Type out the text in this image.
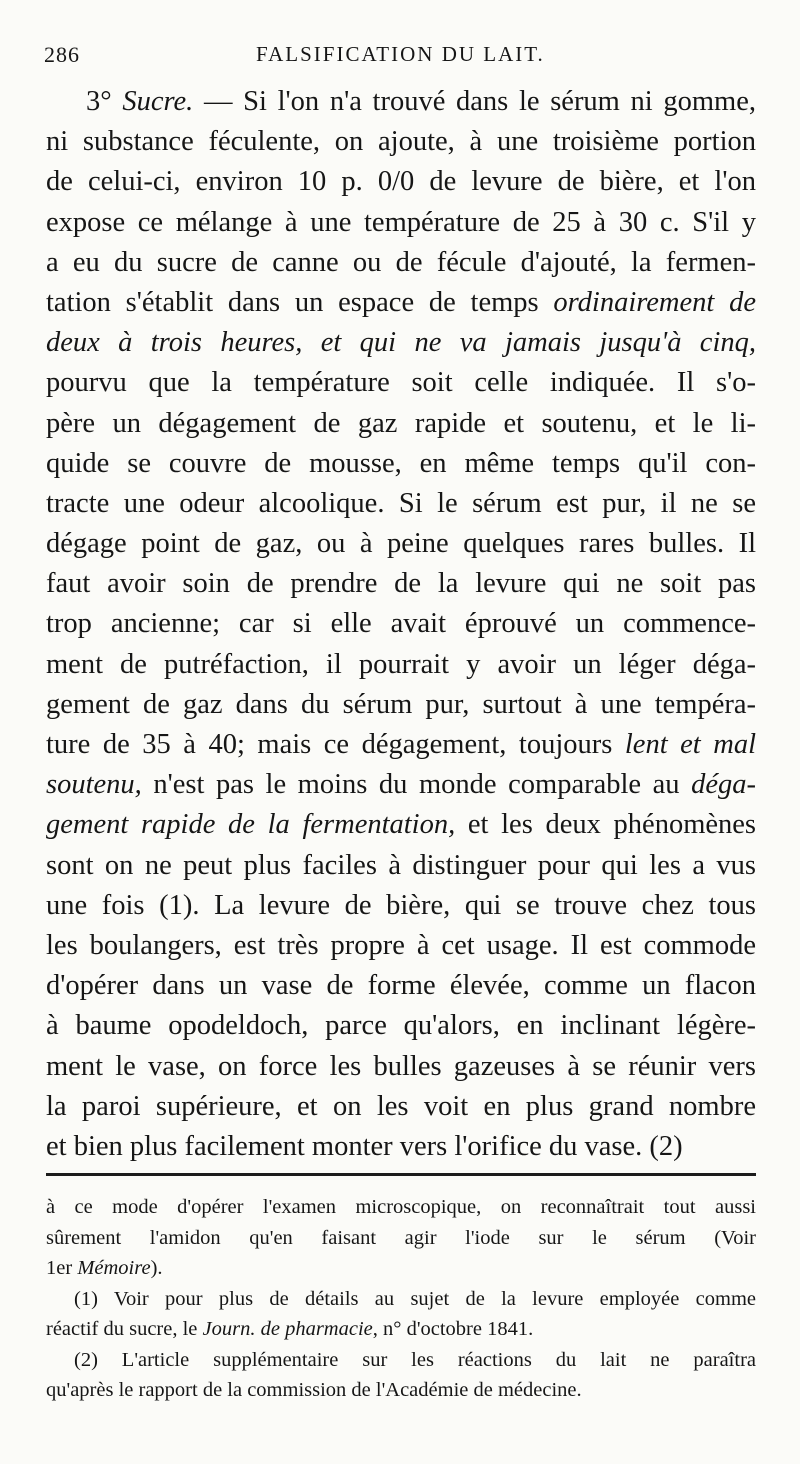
286	FALSIFICATION DU LAIT.
3° Sucre. — Si l'on n'a trouvé dans le sérum ni gomme,
ni substance féculente, on ajoute, à une troisième portion
de celui-ci, environ 10 p. 0/0 de levure de bière, et l'on
expose ce mélange à une température de 25 à 30 c. S'il y
a eu du sucre de canne ou de fécule d'ajouté, la fermen-
tation s'établit dans un espace de temps ordinairement de
deux à trois heures, et qui ne va jamais jusqu'à cinq,
pourvu que la température soit celle indiquée. Il s'o-
père un dégagement de gaz rapide et soutenu, et le li-
quide se couvre de mousse, en même temps qu'il con-
tracte une odeur alcoolique. Si le sérum est pur, il ne se
dégage point de gaz, ou à peine quelques rares bulles. Il
faut avoir soin de prendre de la levure qui ne soit pas
trop ancienne; car si elle avait éprouvé un commence-
ment de putréfaction, il pourrait y avoir un léger déga-
gement de gaz dans du sérum pur, surtout à une tempéra-
ture de 35 à 40; mais ce dégagement, toujours lent et mal
soutenu, n'est pas le moins du monde comparable au déga-
gement rapide de la fermentation, et les deux phénomènes
sont on ne peut plus faciles à distinguer pour qui les a vus
une fois (1). La levure de bière, qui se trouve chez tous
les boulangers, est très propre à cet usage. Il est commode
d'opérer dans un vase de forme élevée, comme un flacon
à baume opodeldoch, parce qu'alors, en inclinant légère-
ment le vase, on force les bulles gazeuses à se réunir vers
la paroi supérieure, et on les voit en plus grand nombre
et bien plus facilement monter vers l'orifice du vase. (2)
à ce mode d'opérer l'examen microscopique, on reconnaîtrait tout aussi
sûrement l'amidon qu'en faisant agir l'iode sur le sérum (Voir
1er Mémoire).
(1) Voir pour plus de détails au sujet de la levure employée comme
réactif du sucre, le Journ. de pharmacie, n° d'octobre 1841.
(2) L'article supplémentaire sur les réactions du lait ne paraîtra
qu'après le rapport de la commission de l'Académie de médecine.
